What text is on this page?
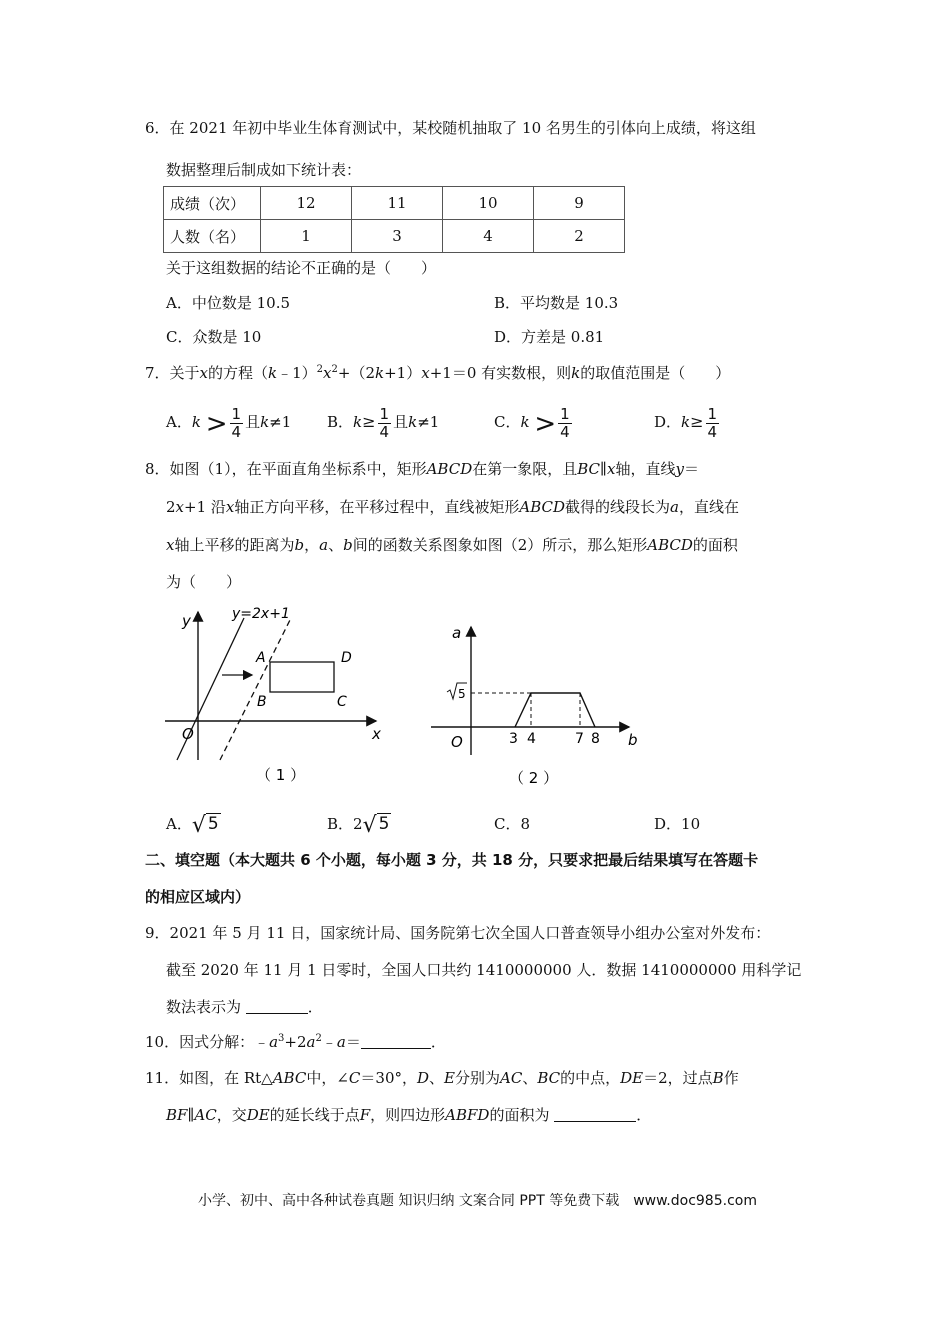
6．在 2021 年初中毕业生体育测试中，某校随机抽取了 10 名男生的引体向上成绩，将这组
数据整理后制成如下统计表：
成绩（次）	12	11	10	9
人数（名）	1	3	4	2
关于这组数据的结论不正确的是（　　）
A．中位数是 10.5	B．平均数是 10.3
C．众数是 10	D．方差是 0.81
7．关于x的方程$(k﹣1)^2x^2+(2k+1)x+1=0$ 有实数根，则k的取值范围是（　　）
A．$k > \frac{1}{4}$ 且k≠1 B．$k\ge \frac{1}{4}$ 且k≠1	C．$k > \frac{1}{4}$	D．$k\ge \frac{1}{4}$
8．如图（1），在平面直角坐标系中，矩形ABCD在第一象限，且BC∥x轴，直线y＝
2x+1 沿x轴正方向平移，在平移过程中，直线被矩形ABCD截得的线段长为a，直线在
x轴上平移的距离为b，a、b间的函数关系图象如图（2）所示，那么矩形ABCD的面积
为（　　）
y=2x+1
y
x
O
A
B	C
D
（ 1 ）
a
b
O
5
3 4	7 8
（ 2 ）
A．√ 5	B．2√ 5	C．8	D．10
二、填空题（本大题共 6 个小题，每小题 3 分，共 18 分，只要求把最后结果填写在答题卡
的相应区域内）
9．2021 年 5 月 11 日，国家统计局、国务院第七次全国人口普查领导小组办公室对外发布：
截至 2020 年 11 月 1 日零时，全国人口共约 1410000000 人．数据 1410000000 用科学记
数法表示为	．
10．因式分解：$﹣a^3+2a^2﹣a=$	．
11．如图，在 Rt△ABC中，∠C＝30°，D、E分别为AC、BC的中点，DE＝2，过点B作
BF∥AC，交DE的延长线于点F，则四边形ABFD的面积为	．
小学、初中、高中各种试卷真题 知识归纳 文案合同 PPT 等免费下载　www.doc985.com
